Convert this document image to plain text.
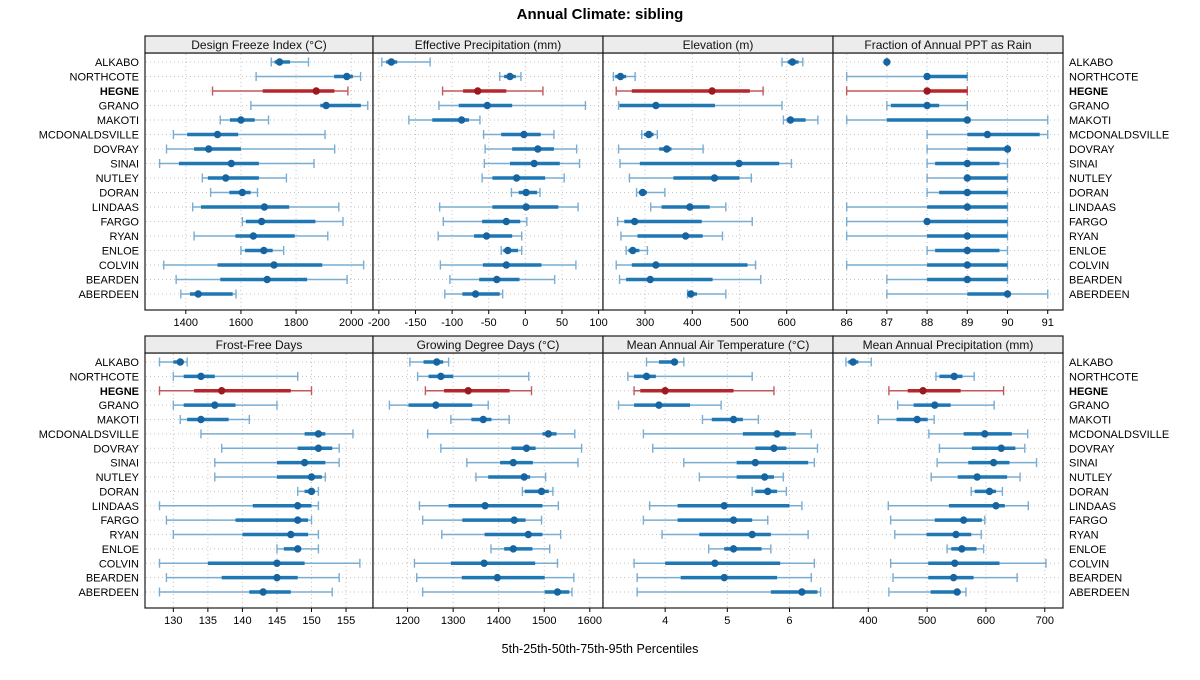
Annual Climate: sibling
ALKABO	ALKABO
NORTHCOTE	NORTHCOTE
HEGNE	HEGNE
GRANO	GRANO
MAKOTI	MAKOTI
MCDONALDSVILLE	MCDONALDSVILLE
DOVRAY	DOVRAY
SINAI	SINAI
NUTLEY	NUTLEY
DORAN	DORAN
LINDAAS	LINDAAS
FARGO	FARGO
RYAN	RYAN
ENLOE	ENLOE
COLVIN	COLVIN
BEARDEN	BEARDEN
ABERDEEN	ABERDEEN
1400	1600	1800	2000
Design Freeze Index (°C)
-200 -150 -100 -50 0 50 100
Effective Precipitation (mm)
300	400	500	600
Elevation (m)
86	87	88	89	90	91
Fraction of Annual PPT as Rain
ALKABO	ALKABO
NORTHCOTE	NORTHCOTE
HEGNE	HEGNE
GRANO	GRANO
MAKOTI	MAKOTI
MCDONALDSVILLE	MCDONALDSVILLE
DOVRAY	DOVRAY
SINAI	SINAI
NUTLEY	NUTLEY
DORAN	DORAN
LINDAAS	LINDAAS
FARGO	FARGO
RYAN	RYAN
ENLOE	ENLOE
COLVIN	COLVIN
BEARDEN	BEARDEN
ABERDEEN	ABERDEEN
130 135 140 145 150 155
Frost-Free Days
1200 1300 1400 1500 1600
Growing Degree Days (°C)
4	5	6
Mean Annual Air Temperature (°C)
400	500	600	700
Mean Annual Precipitation (mm)
5th-25th-50th-75th-95th Percentiles
